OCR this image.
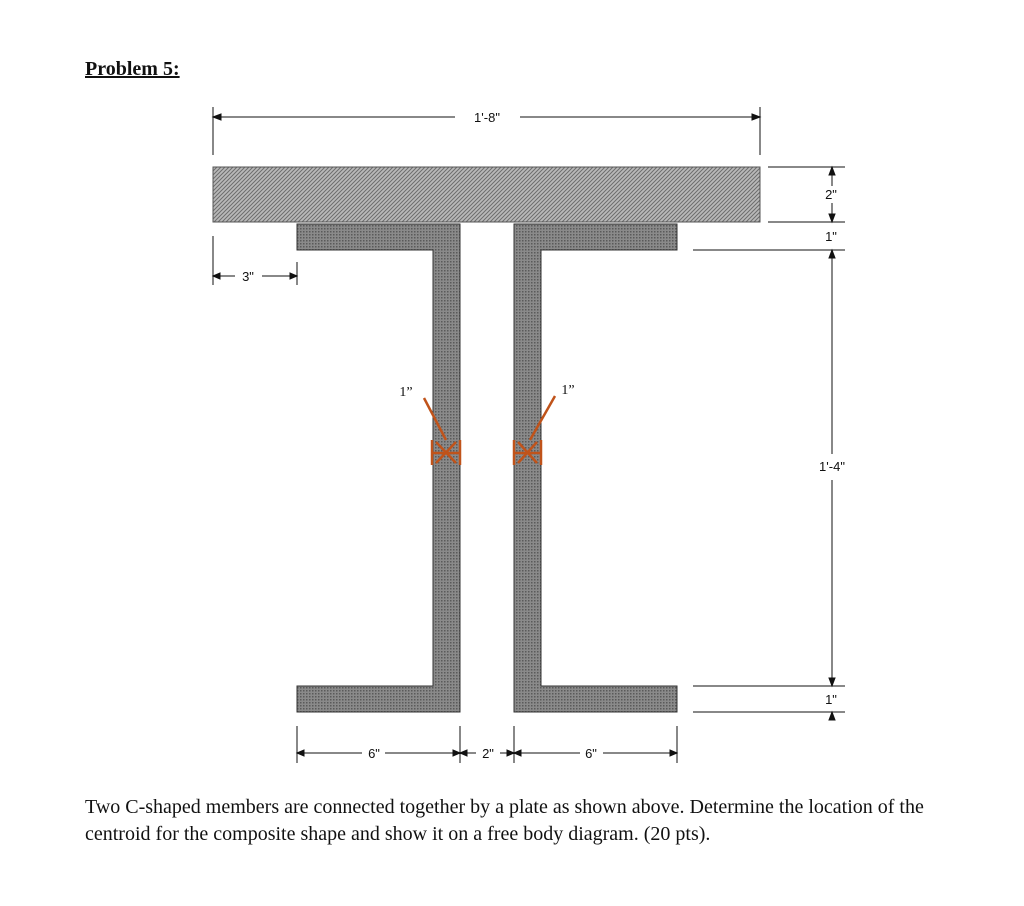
Problem 5:
1'-8"
3"
2"
1"
1'-4"
1"
6"	2"	6"
1”	1”
Two C-shaped members are connected together by a plate as shown above. Determine the location of the centroid for the composite shape and show it on a free body diagram. (20 pts).
